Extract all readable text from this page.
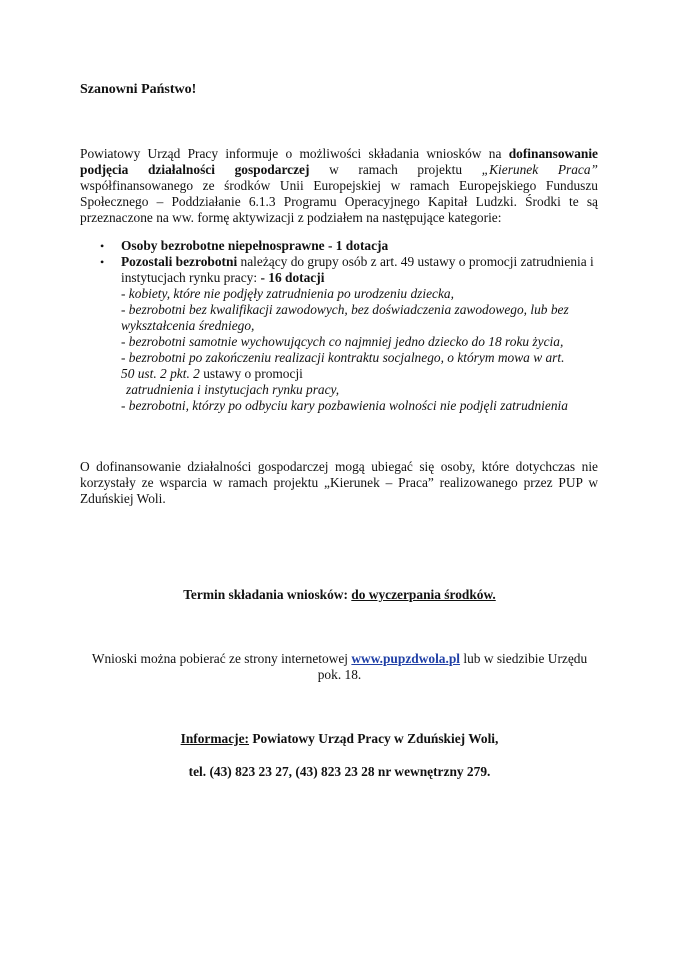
Szanowni Państwo!
Powiatowy Urząd Pracy informuje o możliwości składania wniosków na dofinansowanie podjęcia działalności gospodarczej w ramach projektu „Kierunek Praca” współfinansowanego ze środków Unii Europejskiej w ramach Europejskiego Funduszu Społecznego – Poddziałanie 6.1.3 Programu Operacyjnego Kapitał Ludzki. Środki te są przeznaczone na ww. formę aktywizacji z podziałem na następujące kategorie:
• Osoby bezrobotne niepełnosprawne - 1 dotacja
• Pozostali bezrobotni należący do grupy osób z art. 49 ustawy o promocji zatrudnienia i instytucjach rynku pracy: - 16 dotacji
- kobiety, które nie podjęły zatrudnienia po urodzeniu dziecka,
- bezrobotni bez kwalifikacji zawodowych, bez doświadczenia zawodowego, lub bez
wykształcenia średniego,
- bezrobotni samotnie wychowujących co najmniej jedno dziecko do 18 roku życia,
- bezrobotni po zakończeniu realizacji kontraktu socjalnego, o którym mowa w art.
50 ust. 2 pkt. 2 ustawy o promocji
zatrudnienia i instytucjach rynku pracy,
- bezrobotni, którzy po odbyciu kary pozbawienia wolności nie podjęli zatrudnienia
O dofinansowanie działalności gospodarczej mogą ubiegać się osoby, które dotychczas nie korzystały ze wsparcia w ramach projektu „Kierunek – Praca” realizowanego przez PUP w Zduńskiej Woli.
Termin składania wniosków: do wyczerpania środków.
Wnioski można pobierać ze strony internetowej www.pupzdwola.pl lub w siedzibie Urzędu pok. 18.
Informacje: Powiatowy Urząd Pracy w Zduńskiej Woli,
tel. (43) 823 23 27, (43) 823 23 28 nr wewnętrzny 279.
